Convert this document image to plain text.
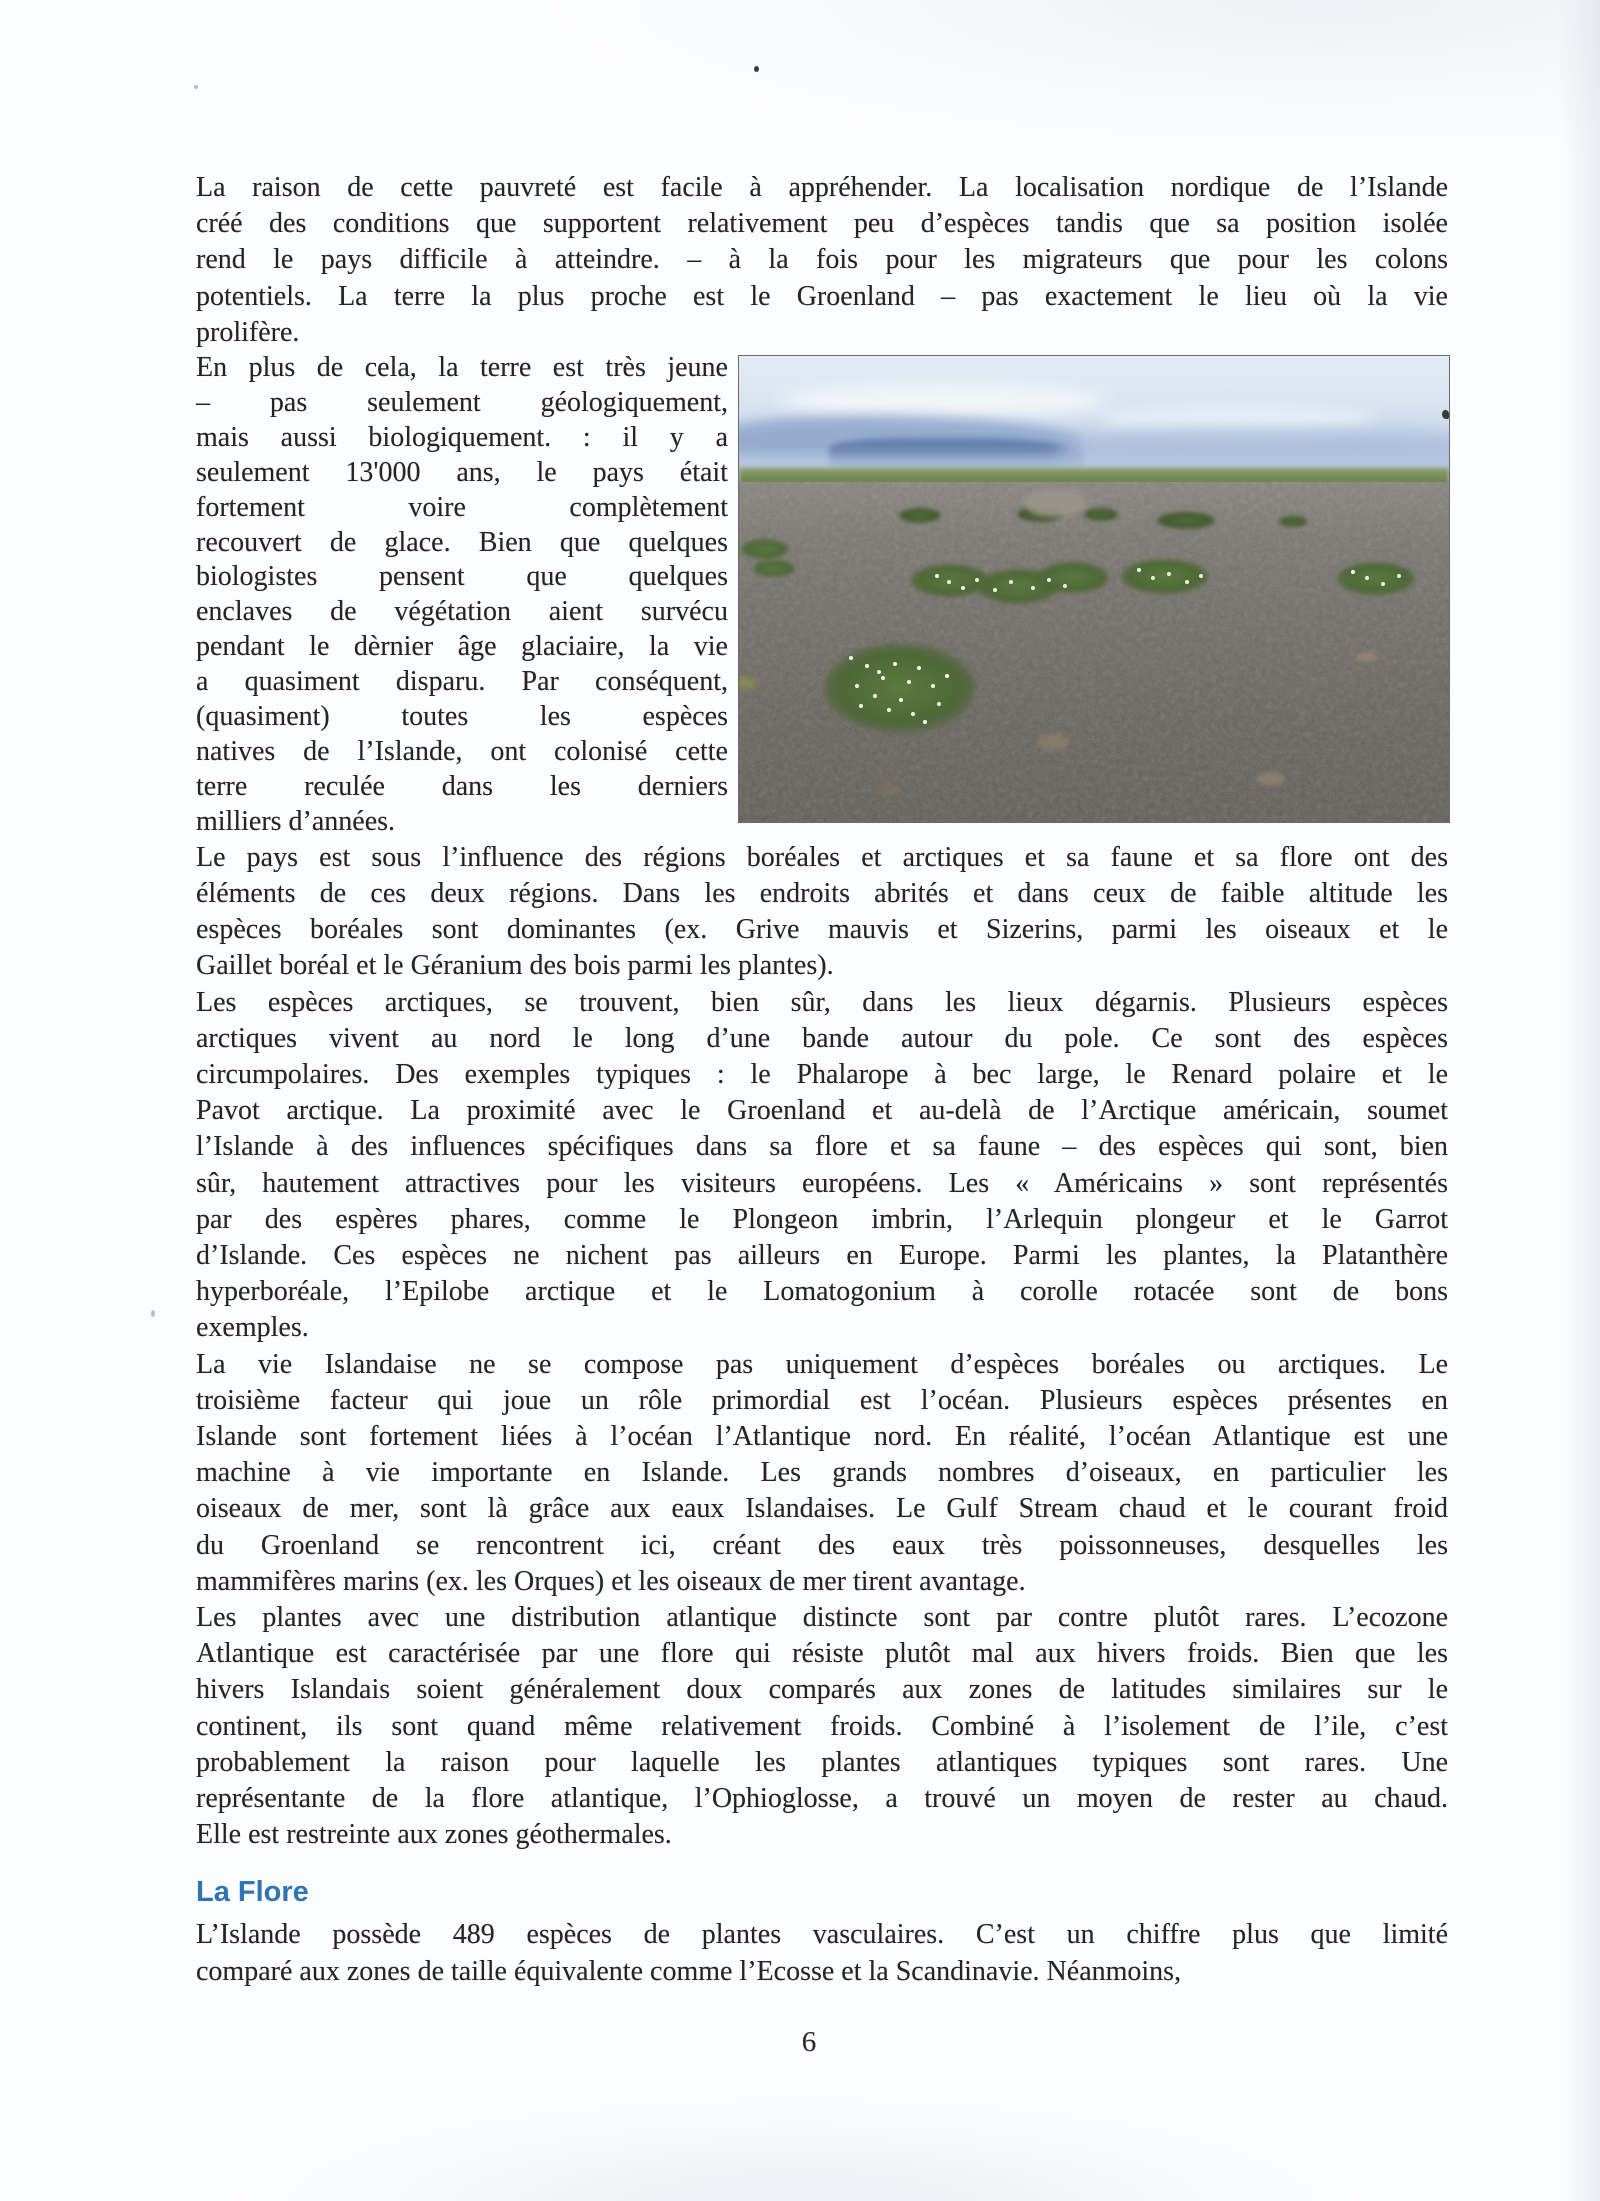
La raison de cette pauvreté est facile à appréhender. La localisation nordique de l’Islande
créé des conditions que supportent relativement peu d’espèces tandis que sa position isolée
rend le pays difficile à atteindre. – à la fois pour les migrateurs que pour les colons
potentiels. La terre la plus proche est le Groenland – pas exactement le lieu où la vie
prolifère.
En plus de cela, la terre est très jeune
– pas seulement géologiquement,
mais aussi biologiquement. : il y a
seulement 13'000 ans, le pays était
fortement voire complètement
recouvert de glace. Bien que quelques
biologistes pensent que quelques
enclaves de végétation aient survécu
pendant le dèrnier âge glaciaire, la vie
a quasiment disparu. Par conséquent,
(quasiment) toutes les espèces
natives de l’Islande, ont colonisé cette
terre reculée dans les derniers
milliers d’années.
Le pays est sous l’influence des régions boréales et arctiques et sa faune et sa flore ont des
éléments de ces deux régions. Dans les endroits abrités et dans ceux de faible altitude les
espèces boréales sont dominantes (ex. Grive mauvis et Sizerins, parmi les oiseaux et le
Gaillet boréal et le Géranium des bois parmi les plantes).
Les espèces arctiques, se trouvent, bien sûr, dans les lieux dégarnis. Plusieurs espèces
arctiques vivent au nord le long d’une bande autour du pole. Ce sont des espèces
circumpolaires. Des exemples typiques : le Phalarope à bec large, le Renard polaire et le
Pavot arctique. La proximité avec le Groenland et au-delà de l’Arctique américain, soumet
l’Islande à des influences spécifiques dans sa flore et sa faune – des espèces qui sont, bien
sûr, hautement attractives pour les visiteurs européens. Les « Américains » sont représentés
par des espères phares, comme le Plongeon imbrin, l’Arlequin plongeur et le Garrot
d’Islande. Ces espèces ne nichent pas ailleurs en Europe. Parmi les plantes, la Platanthère
hyperboréale, l’Epilobe arctique et le Lomatogonium à corolle rotacée sont de bons
exemples.
La vie Islandaise ne se compose pas uniquement d’espèces boréales ou arctiques. Le
troisième facteur qui joue un rôle primordial est l’océan. Plusieurs espèces présentes en
Islande sont fortement liées à l’océan l’Atlantique nord. En réalité, l’océan Atlantique est une
machine à vie importante en Islande. Les grands nombres d’oiseaux, en particulier les
oiseaux de mer, sont là grâce aux eaux Islandaises. Le Gulf Stream chaud et le courant froid
du Groenland se rencontrent ici, créant des eaux très poissonneuses, desquelles les
mammifères marins (ex. les Orques) et les oiseaux de mer tirent avantage.
Les plantes avec une distribution atlantique distincte sont par contre plutôt rares. L’ecozone
Atlantique est caractérisée par une flore qui résiste plutôt mal aux hivers froids. Bien que les
hivers Islandais soient généralement doux comparés aux zones de latitudes similaires sur le
continent, ils sont quand même relativement froids. Combiné à l’isolement de l’ile, c’est
probablement la raison pour laquelle les plantes atlantiques typiques sont rares. Une
représentante de la flore atlantique, l’Ophioglosse, a trouvé un moyen de rester au chaud.
Elle est restreinte aux zones géothermales.
La Flore
L’Islande possède 489 espèces de plantes vasculaires. C’est un chiffre plus que limité
comparé aux zones de taille équivalente comme l’Ecosse et la Scandinavie. Néanmoins,
6
